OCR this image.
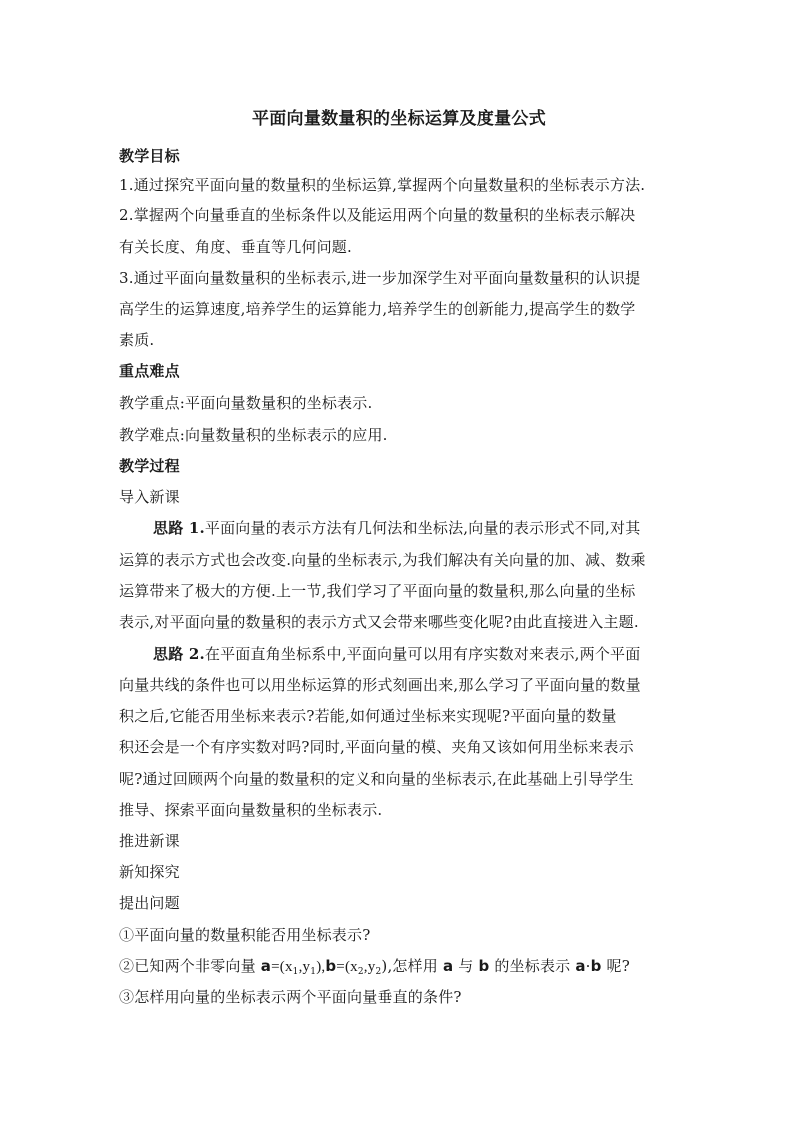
平面向量数量积的坐标运算及度量公式
教学目标
1.通过探究平面向量的数量积的坐标运算,掌握两个向量数量积的坐标表示方法.
2.掌握两个向量垂直的坐标条件以及能运用两个向量的数量积的坐标表示解决
有关长度、角度、垂直等几何问题.
3.通过平面向量数量积的坐标表示,进一步加深学生对平面向量数量积的认识提
高学生的运算速度,培养学生的运算能力,培养学生的创新能力,提高学生的数学
素质.
重点难点
教学重点:平面向量数量积的坐标表示.
教学难点:向量数量积的坐标表示的应用.
教学过程
导入新课
思路 1.平面向量的表示方法有几何法和坐标法,向量的表示形式不同,对其
运算的表示方式也会改变.向量的坐标表示,为我们解决有关向量的加、减、数乘
运算带来了极大的方便.上一节,我们学习了平面向量的数量积,那么向量的坐标
表示,对平面向量的数量积的表示方式又会带来哪些变化呢?由此直接进入主题.
思路 2.在平面直角坐标系中,平面向量可以用有序实数对来表示,两个平面
向量共线的条件也可以用坐标运算的形式刻画出来,那么学习了平面向量的数量
积之后,它能否用坐标来表示?若能,如何通过坐标来实现呢?平面向量的数量
积还会是一个有序实数对吗?同时,平面向量的模、夹角又该如何用坐标来表示
呢?通过回顾两个向量的数量积的定义和向量的坐标表示,在此基础上引导学生
推导、探索平面向量数量积的坐标表示.
推进新课
新知探究
提出问题
①平面向量的数量积能否用坐标表示?
②已知两个非零向量 $a=(x_1,y_1),b=(x_2,y_2)$,怎样用 a 与 b 的坐标表示 a·b 呢?
③怎样用向量的坐标表示两个平面向量垂直的条件?
